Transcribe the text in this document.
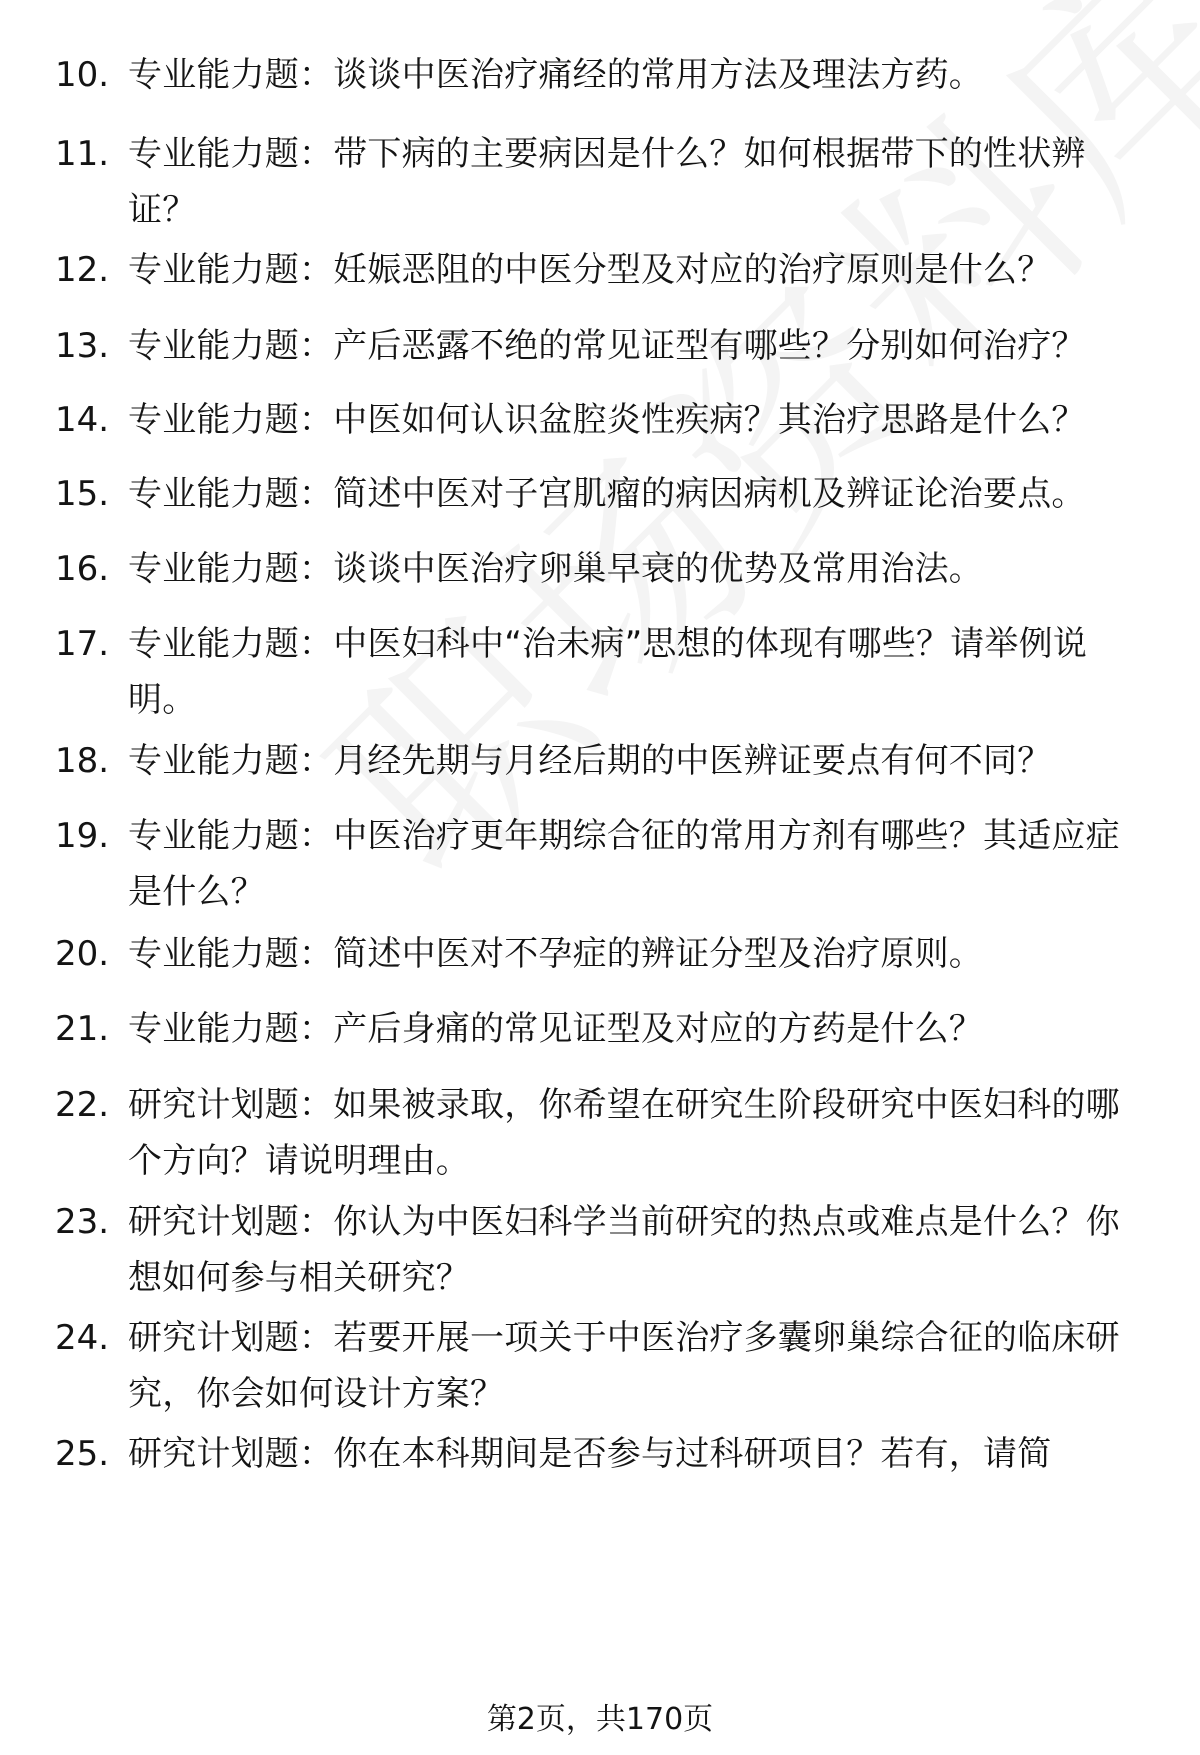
10. 专业能力题：谈谈中医治疗痛经的常用方法及理法方药。
11. 专业能力题：带下病的主要病因是什么？如何根据带下的性状辨证？
12. 专业能力题：妊娠恶阻的中医分型及对应的治疗原则是什么？
13. 专业能力题：产后恶露不绝的常见证型有哪些？分别如何治疗？
14. 专业能力题：中医如何认识盆腔炎性疾病？其治疗思路是什么？
15. 专业能力题：简述中医对子宫肌瘤的病因病机及辨证论治要点。
16. 专业能力题：谈谈中医治疗卵巢早衰的优势及常用治法。
17. 专业能力题：中医妇科中“治未病”思想的体现有哪些？请举例说明。
18. 专业能力题：月经先期与月经后期的中医辨证要点有何不同？
19. 专业能力题：中医治疗更年期综合征的常用方剂有哪些？其适应症是什么？
20. 专业能力题：简述中医对不孕症的辨证分型及治疗原则。
21. 专业能力题：产后身痛的常见证型及对应的方药是什么？
22. 研究计划题：如果被录取，你希望在研究生阶段研究中医妇科的哪个方向？请说明理由。
23. 研究计划题：你认为中医妇科学当前研究的热点或难点是什么？你想如何参与相关研究？
24. 研究计划题：若要开展一项关于中医治疗多囊卵巢综合征的临床研究，你会如何设计方案？
25. 研究计划题：你在本科期间是否参与过科研项目？若有，请简
第2页，共170页
